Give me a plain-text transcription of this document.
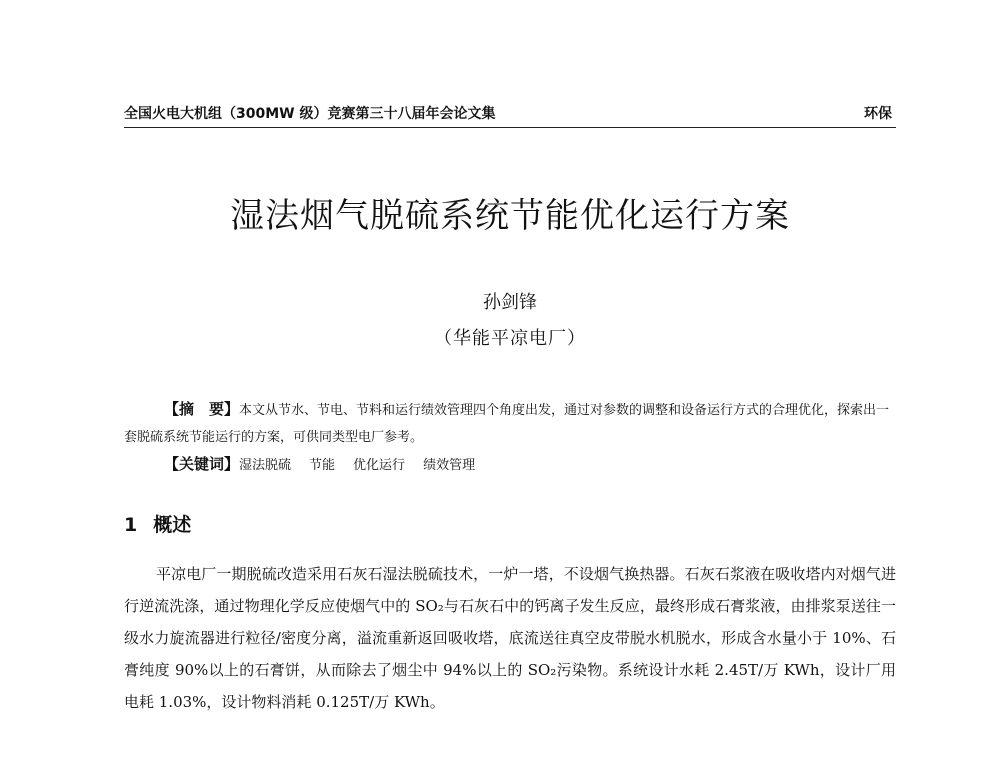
全国火电大机组（300MW 级）竞赛第三十八届年会论文集	环保
湿法烟气脱硫系统节能优化运行方案
孙剑锋
（华能平凉电厂）

【摘　要】本文从节水、节电、节料和运行绩效管理四个角度出发，通过对参数的调整和设备运行方式的合理优化，探索出一套脱硫系统节能运行的方案，可供同类型电厂参考。

【关键词】湿法脱硫 节能 优化运行 绩效管理
1 概述

平凉电厂一期脱硫改造采用石灰石湿法脱硫技术，一炉一塔，不设烟气换热器。石灰石浆液在吸收塔内对烟气进行逆流洗涤，通过物理化学反应使烟气中的 SO₂与石灰石中的钙离子发生反应，最终形成石膏浆液，由排浆泵送往一级水力旋流器进行粒径/密度分离，溢流重新返回吸收塔，底流送往真空皮带脱水机脱水，形成含水量小于 10%、石膏纯度 90%以上的石膏饼，从而除去了烟尘中 94%以上的 SO₂污染物。系统设计水耗 2.45T/万 KWh，设计厂用电耗 1.03%，设计物料消耗 0.125T/万 KWh。
